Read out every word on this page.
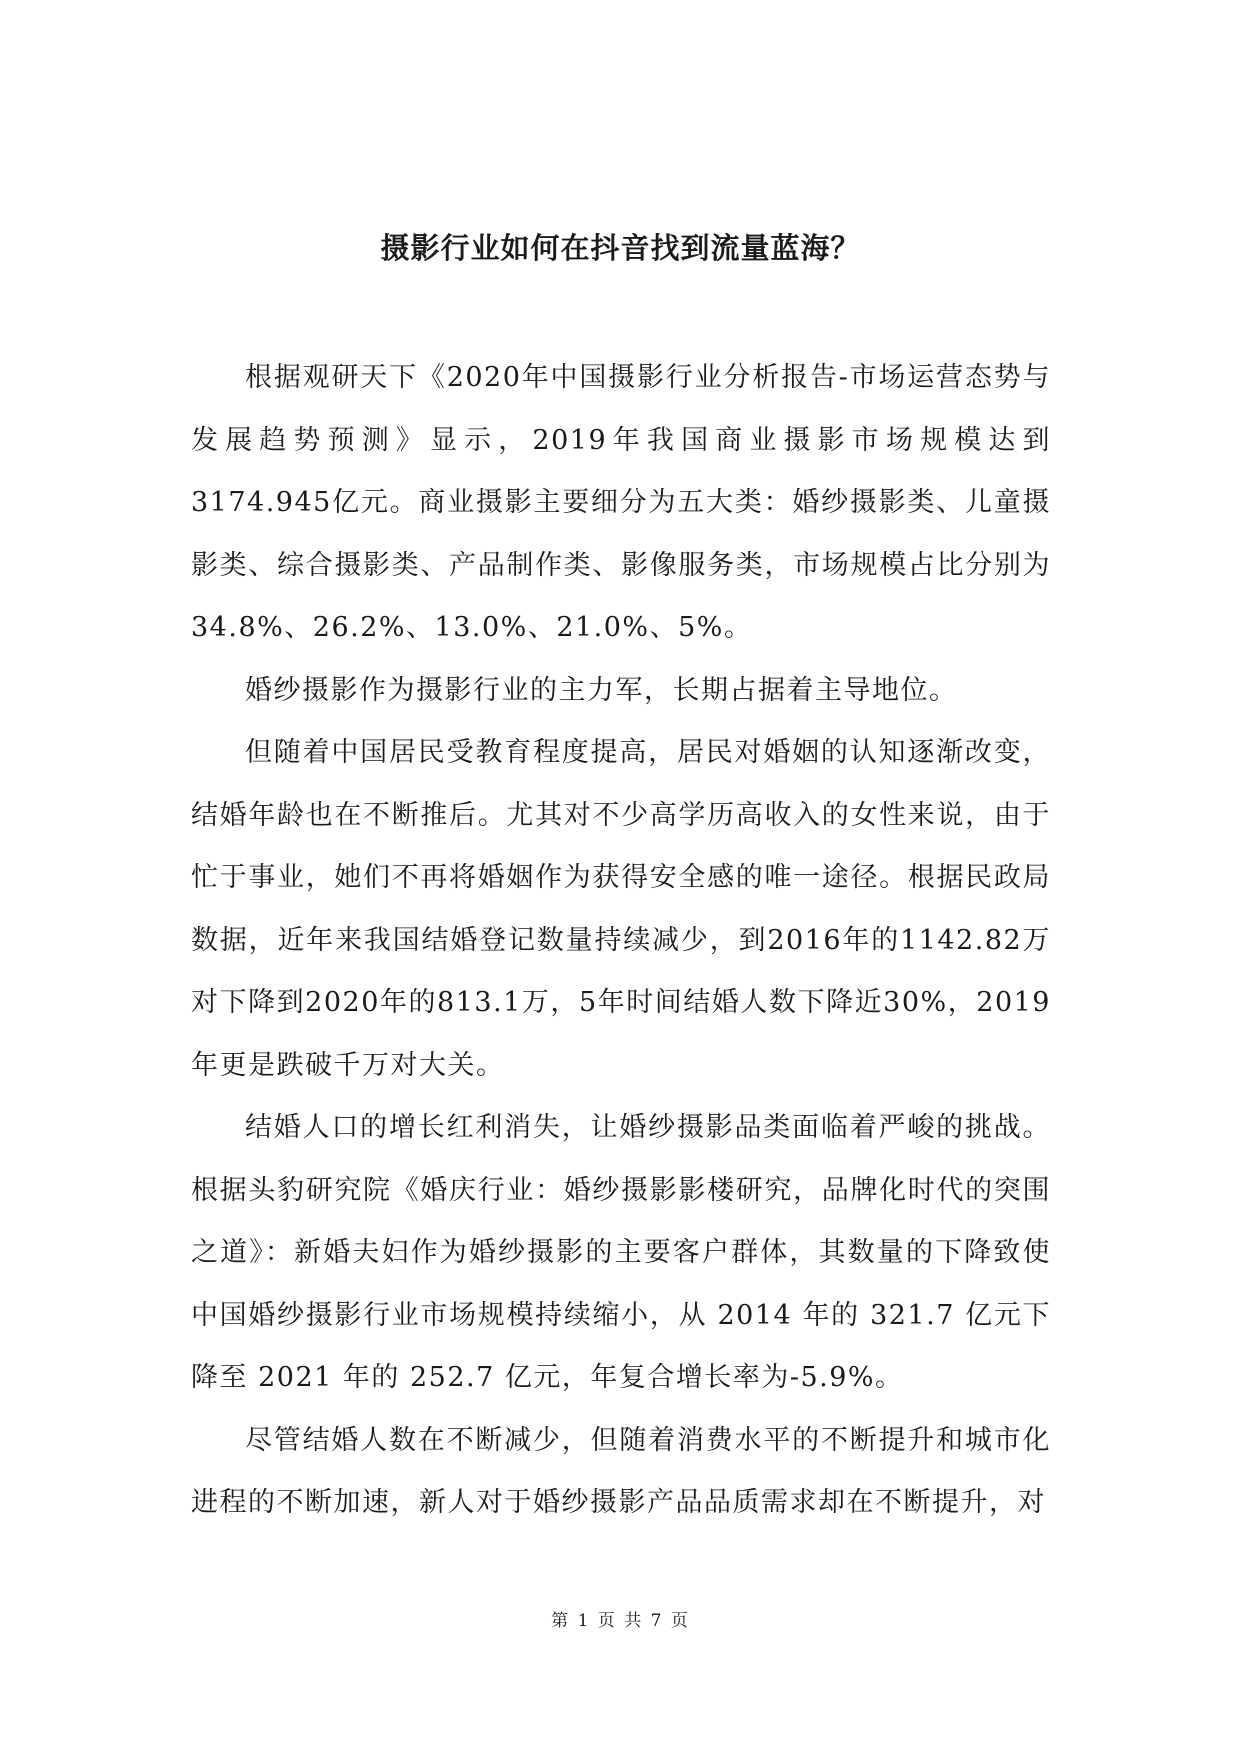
摄影行业如何在抖音找到流量蓝海？

根据观研天下《2020年中国摄影行业分析报告-市场运营态势与发展趋势预测》显示，2019年我国商业摄影市场规模达到3174.945亿元。商业摄影主要细分为五大类：婚纱摄影类、儿童摄影类、综合摄影类、产品制作类、影像服务类，市场规模占比分别为34.8%、26.2%、13.0%、21.0%、5%。

婚纱摄影作为摄影行业的主力军，长期占据着主导地位。

但随着中国居民受教育程度提高，居民对婚姻的认知逐渐改变，结婚年龄也在不断推后。尤其对不少高学历高收入的女性来说，由于忙于事业，她们不再将婚姻作为获得安全感的唯一途径。根据民政局数据，近年来我国结婚登记数量持续减少，到2016年的1142.82万对下降到2020年的813.1万，5年时间结婚人数下降近30%，2019年更是跌破千万对大关。

结婚人口的增长红利消失，让婚纱摄影品类面临着严峻的挑战。根据头豹研究院《婚庆行业：婚纱摄影影楼研究，品牌化时代的突围之道》：新婚夫妇作为婚纱摄影的主要客户群体，其数量的下降致使中国婚纱摄影行业市场规模持续缩小，从 2014 年的 321.7 亿元下降至 2021 年的 252.7 亿元，年复合增长率为-5.9%。

尽管结婚人数在不断减少，但随着消费水平的不断提升和城市化进程的不断加速，新人对于婚纱摄影产品品质需求却在不断提升，对

第 1 页 共 7 页
